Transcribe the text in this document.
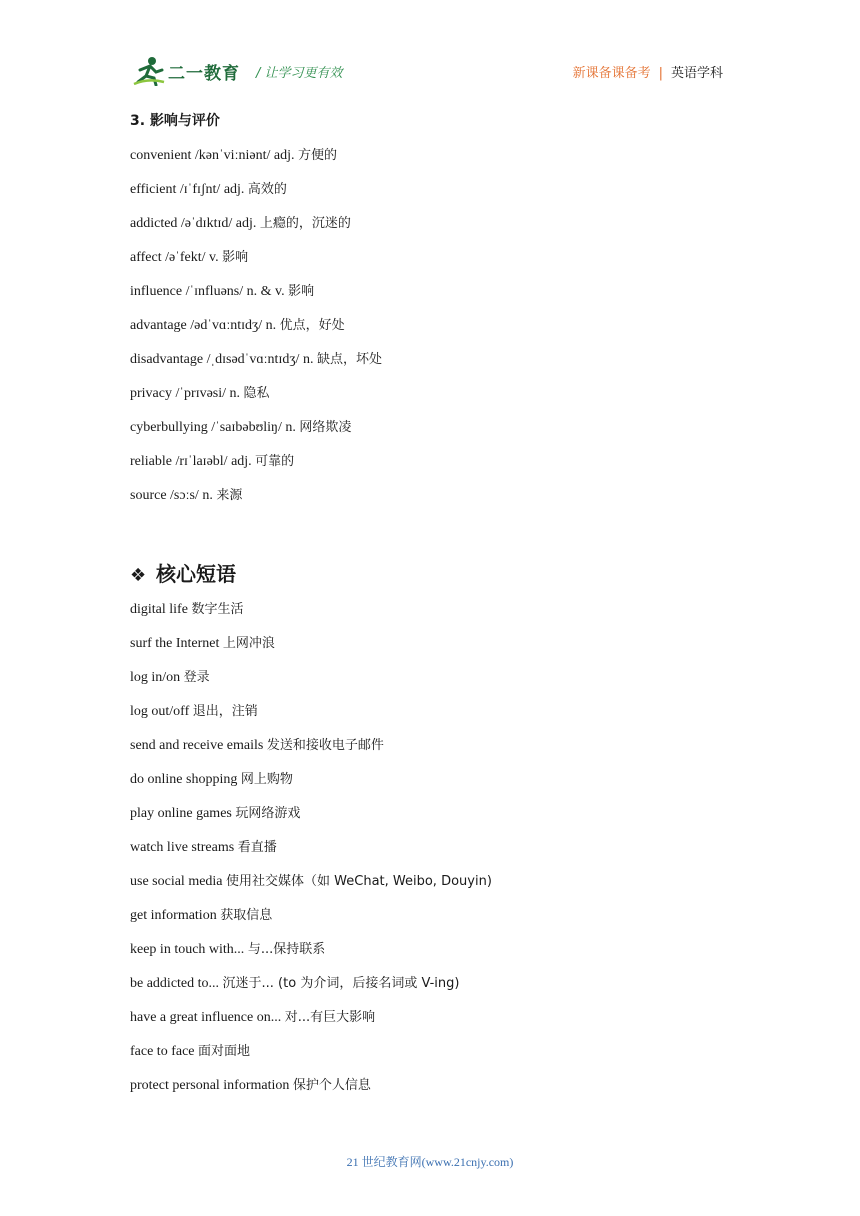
二一教育 / 让学习更有效	新课备课备考 | 英语学科
3. 影响与评价
convenient /kənˈviːniənt/ adj. 方便的
efficient /ɪˈfɪʃnt/ adj. 高效的
addicted /əˈdɪktɪd/ adj. 上瘾的，沉迷的
affect /əˈfekt/ v. 影响
influence /ˈɪnfluəns/ n. & v. 影响
advantage /ədˈvɑːntɪdʒ/ n. 优点，好处
disadvantage /ˌdɪsədˈvɑːntɪdʒ/ n. 缺点，坏处
privacy /ˈprɪvəsi/ n. 隐私
cyberbullying /ˈsaɪbəbʊliŋ/ n. 网络欺凌
reliable /rɪˈlaɪəbl/ adj. 可靠的
source /sɔːs/ n. 来源
❖ 核心短语
digital life 数字生活
surf the Internet 上网冲浪
log in/on 登录
log out/off 退出，注销
send and receive emails 发送和接收电子邮件
do online shopping 网上购物
play online games 玩网络游戏
watch live streams 看直播
use social media 使用社交媒体（如 WeChat, Weibo, Douyin)
get information 获取信息
keep in touch with... 与...保持联系
be addicted to... 沉迷于... (to 为介词，后接名词或 V-ing)
have a great influence on... 对...有巨大影响
face to face 面对面地
protect personal information 保护个人信息
21 世纪教育网(www.21cnjy.com)
